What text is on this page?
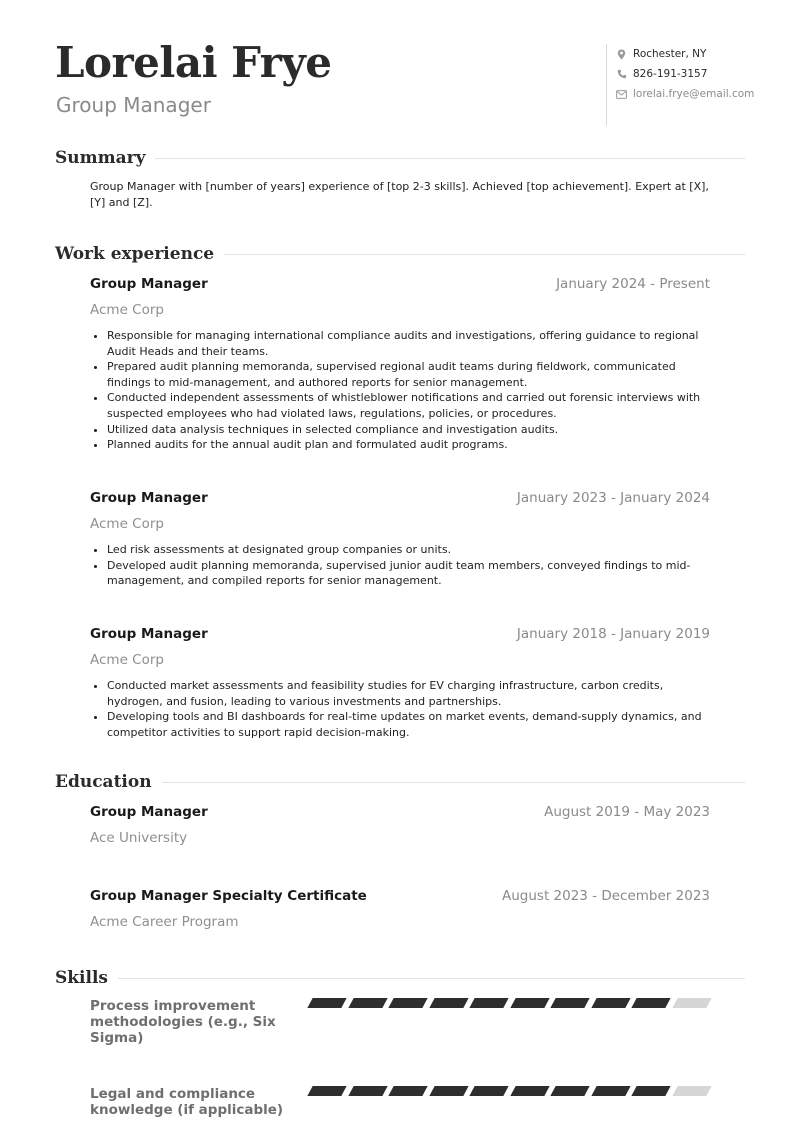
Lorelai Frye
Group Manager
Rochester, NY
826-191-3157
lorelai.frye@email.com
Summary
Group Manager with [number of years] experience of [top 2-3 skills]. Achieved [top achievement]. Expert at [X], [Y] and [Z].
Work experience
Group Manager	January 2024 - Present
Acme Corp
• Responsible for managing international compliance audits and investigations, offering guidance to regional Audit Heads and their teams.
• Prepared audit planning memoranda, supervised regional audit teams during fieldwork, communicated findings to mid-management, and authored reports for senior management.
• Conducted independent assessments of whistleblower notifications and carried out forensic interviews with suspected employees who had violated laws, regulations, policies, or procedures.
• Utilized data analysis techniques in selected compliance and investigation audits.
• Planned audits for the annual audit plan and formulated audit programs.
Group Manager	January 2023 - January 2024
Acme Corp
• Led risk assessments at designated group companies or units.
• Developed audit planning memoranda, supervised junior audit team members, conveyed findings to mid-management, and compiled reports for senior management.
Group Manager	January 2018 - January 2019
Acme Corp
• Conducted market assessments and feasibility studies for EV charging infrastructure, carbon credits, hydrogen, and fusion, leading to various investments and partnerships.
• Developing tools and BI dashboards for real-time updates on market events, demand-supply dynamics, and competitor activities to support rapid decision-making.
Education
Group Manager	August 2019 - May 2023
Ace University
Group Manager Specialty Certificate	August 2023 - December 2023
Acme Career Program
Skills
Process improvement methodologies (e.g., Six Sigma)
Legal and compliance knowledge (if applicable)
